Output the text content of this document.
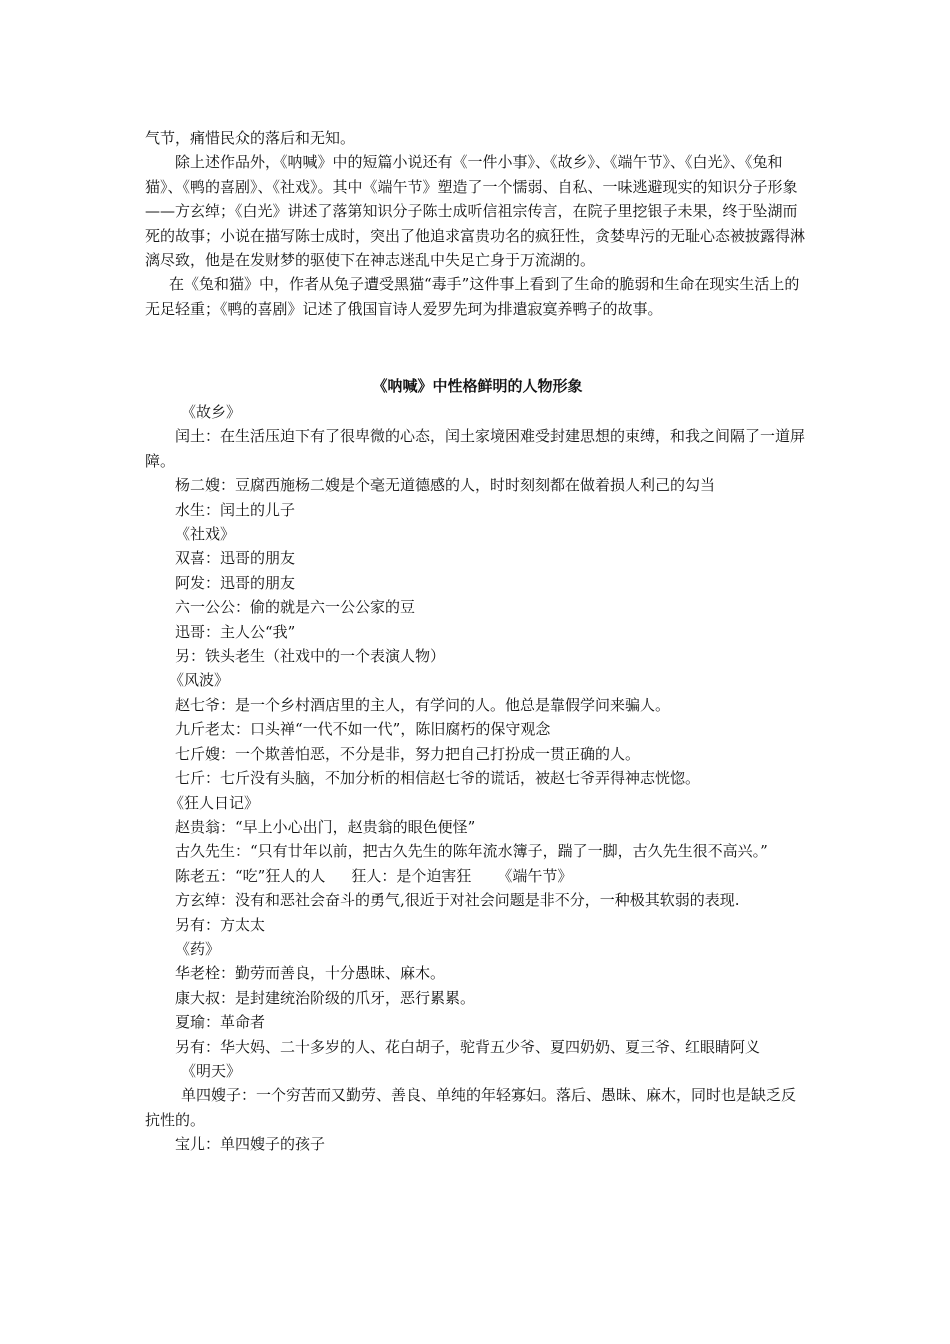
气节，痛惜民众的落后和无知。

除上述作品外，《呐喊》中的短篇小说还有《一件小事》、《故乡》、《端午节》、《白光》、《兔和猫》、《鸭的喜剧》、《社戏》。其中《端午节》塑造了一个懦弱、自私、一味逃避现实的知识分子形象——方玄绰；《白光》讲述了落第知识分子陈士成听信祖宗传言，在院子里挖银子未果，终于坠湖而死的故事；小说在描写陈士成时，突出了他追求富贵功名的疯狂性，贪婪卑污的无耻心态被披露得淋漓尽致，他是在发财梦的驱使下在神志迷乱中失足亡身于万流湖的。

在《兔和猫》中，作者从兔子遭受黑猫“毒手”这件事上看到了生命的脆弱和生命在现实生活上的无足轻重；《鸭的喜剧》记述了俄国盲诗人爱罗先珂为排遣寂寞养鸭子的故事。

《呐喊》中性格鲜明的人物形象

《故乡》

闰土：在生活压迫下有了很卑微的心态，闰土家境困难受封建思想的束缚，和我之间隔了一道屏障。

杨二嫂：豆腐西施杨二嫂是个毫无道德感的人，时时刻刻都在做着损人利己的勾当

水生：闰土的儿子

《社戏》

双喜：迅哥的朋友

阿发：迅哥的朋友

六一公公：偷的就是六一公公家的豆

迅哥：主人公“我”

另：铁头老生（社戏中的一个表演人物）

《风波》

赵七爷：是一个乡村酒店里的主人，有学问的人。他总是靠假学问来骗人。

九斤老太：口头禅“一代不如一代”，陈旧腐朽的保守观念

七斤嫂：一个欺善怕恶，不分是非，努力把自己打扮成一贯正确的人。

七斤：七斤没有头脑，不加分析的相信赵七爷的谎话，被赵七爷弄得神志恍惚。

《狂人日记》

赵贵翁：“早上小心出门，赵贵翁的眼色便怪”

古久先生：“只有廿年以前，把古久先生的陈年流水簿子，踹了一脚，古久先生很不高兴。”

陈老五：“吃”狂人的人 狂人：是个迫害狂 《端午节》

方玄绰：没有和恶社会奋斗的勇气,很近于对社会问题是非不分，一种极其软弱的表现.

另有：方太太

《药》

华老栓：勤劳而善良，十分愚昧、麻木。

康大叔：是封建统治阶级的爪牙，恶行累累。

夏瑜：革命者

另有：华大妈、二十多岁的人、花白胡子，驼背五少爷、夏四奶奶、夏三爷、红眼睛阿义

《明天》

单四嫂子：一个穷苦而又勤劳、善良、单纯的年轻寡妇。落后、愚昧、麻木，同时也是缺乏反抗性的。

宝儿：单四嫂子的孩子
